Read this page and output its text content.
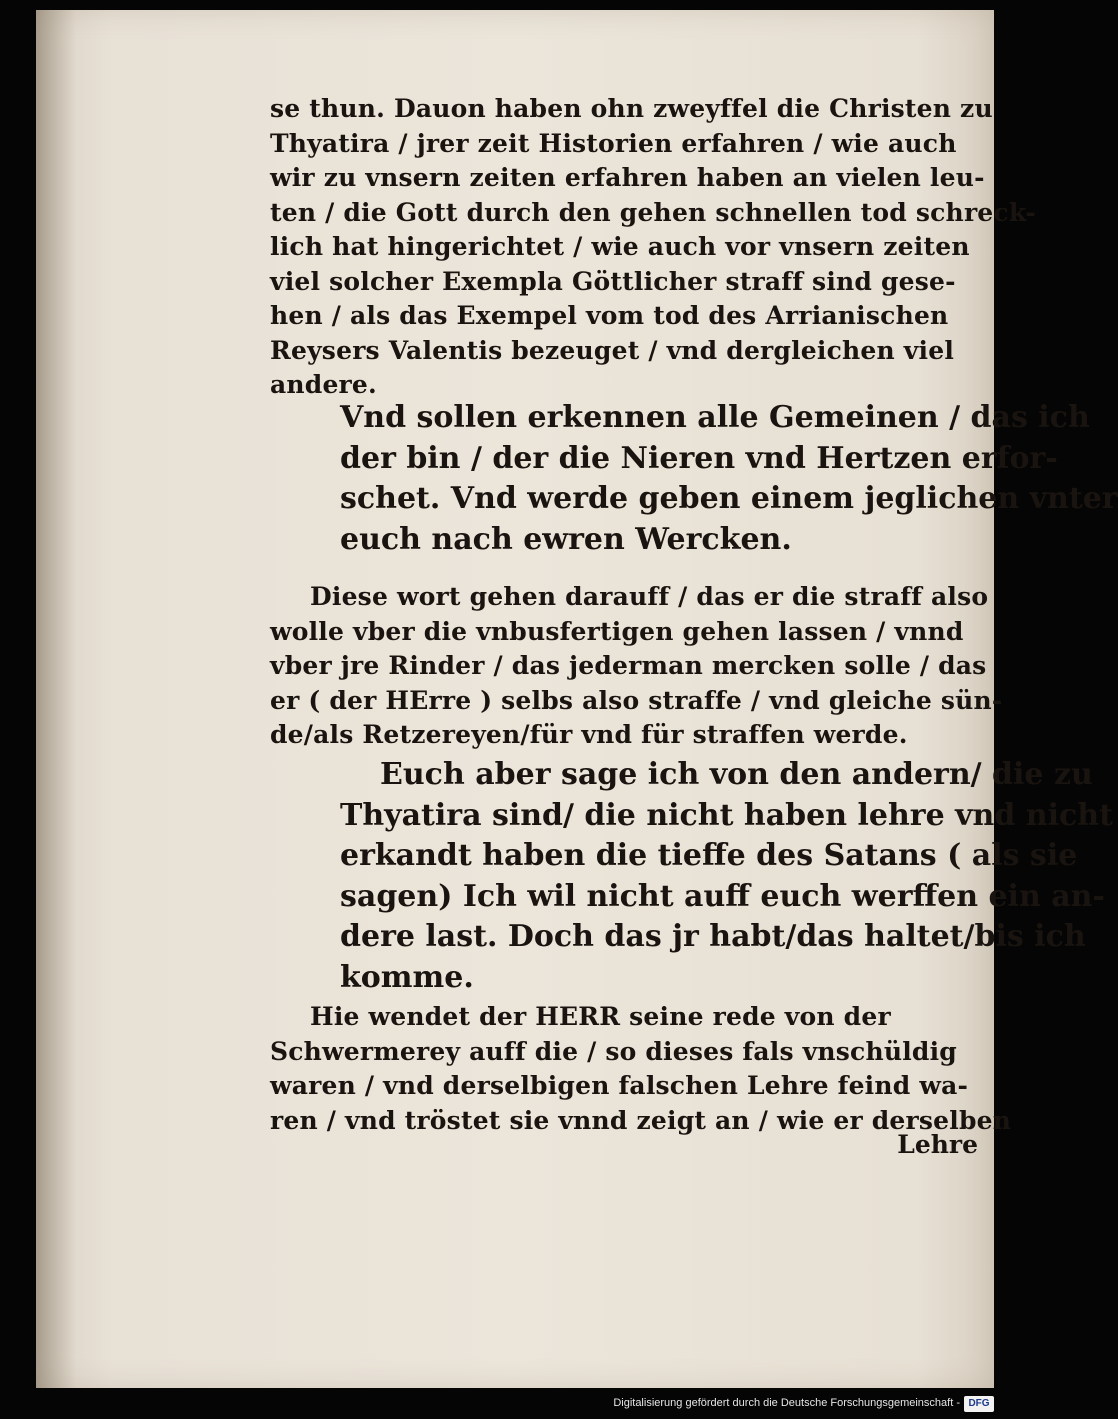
se thun. Dauon haben ohn zweyffel die Christen zu
Thyatira / jrer zeit Historien erfahren / wie auch
wir zu vnsern zeiten erfahren haben an vielen leu-
ten / die Gott durch den gehen schnellen tod schreck-
lich hat hingerichtet / wie auch vor vnsern zeiten
viel solcher Exempla Göttlicher straff sind gese-
hen / als das Exempel vom tod des Arrianischen
Reysers Valentis bezeuget / vnd dergleichen viel
andere.
Vnd sollen erkennen alle Gemeinen / das ich
der bin / der die Nieren vnd Hertzen erfor-
schet. Vnd werde geben einem jeglichen vnter
euch nach ewren Wercken.
Diese wort gehen darauff / das er die straff also
wolle vber die vnbusfertigen gehen lassen / vnnd
vber jre Rinder / das jederman mercken solle / das
er ( der HErre ) selbs also straffe / vnd gleiche sün-
de/als Retzereyen/für vnd für straffen werde.
Euch aber sage ich von den andern/ die zu
Thyatira sind/ die nicht haben lehre vnd nicht
erkandt haben die tieffe des Satans ( als sie
sagen) Ich wil nicht auff euch werffen ein an-
dere last. Doch das jr habt/das haltet/bis ich
komme.
Hie wendet der HERR seine rede von der
Schwermerey auff die / so dieses fals vnschüldig
waren / vnd derselbigen falschen Lehre feind wa-
ren / vnd tröstet sie vnnd zeigt an / wie er derselben
Lehre
Digitalisierung gefördert durch die Deutsche Forschungsgemeinschaft - DFG
